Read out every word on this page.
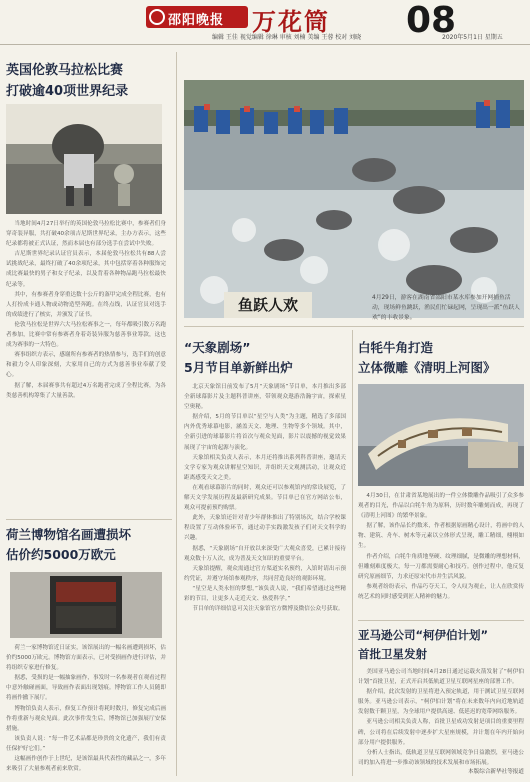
邵阳晚报 万花筒 08
编辑 王佳 视觉编辑 徐琳 审核 刘楠 美编 王蓉 校对 刘晓	2020年5月1日 星期五
英国伦敦马拉松比赛
打破逾40项世界纪录

当地时间4月27日举行的英国伦敦马拉松比赛中，参赛者们身穿奇装异服，共打破40余项吉尼斯世界纪录，主办方表示，这些纪录都将被正式认证，然而本届也有部分选手在尝试中失败。

吉尼斯世界纪录认证官员表示，本届伦敦马拉松共有88人尝试挑战纪录，最终打破了40余项纪录，其中包括穿着各种服饰完成比赛最快的男子和女子纪录，以及背着各种物品跑马拉松最快纪录等。

其中，有参赛者身穿重达数十公斤的盔甲完成全程比赛，也有人打扮成卡通人物或动物造型奔跑。在终点线，认证官员对选手的成绩进行了核实，并颁发了证书。

伦敦马拉松是世界六大马拉松赛事之一，每年都吸引数万名跑者参加，比赛中常有参赛者身着奇装异服为慈善事业筹款，这也成为赛事的一大特色。

赛事组织方表示，感谢所有参赛者的热情参与，选手们的创意和毅力令人印象深刻，大家用自己的方式为慈善事业奉献了爱心。

据了解，本届赛事共有超过4万名跑者完成了全程比赛，为各类慈善机构筹集了大量善款。

荷兰博物馆名画遭损坏
估价约5000万欧元

荷兰一家博物馆近日证实，该馆展出的一幅名画遭到损坏，估价约5000万欧元。博物馆方面表示，已对受损画作进行评估，并将组织专家进行修复。

据悉，受损的是一幅抽象画作，事发时一名参观者在观看过程中意外触碰画面，导致画作表面出现划痕。博物馆工作人员随即将画作撤下展厅。

博物馆负责人表示，修复工作预计将耗时数月，修复完成后画作将重新与观众见面。此次事件发生后，博物馆已加强展厅安保措施。

该负责人说：“每一件艺术品都是珍贵的文化遗产，我们有责任保护好它们。”

这幅画作创作于上世纪，是该馆最具代表性的藏品之一，多年来吸引了大量参观者前来欣赏。

鱼跃人欢	4月29日，游客在湖南省邵阳市某水库参加开网捕鱼活动，现场鲜鱼跳跃，渔民们忙碌起网，呈现出一派“鱼跃人欢”的丰收景象。
“天象剧场”
5月节目单新鲜出炉

北京天象馆日前发布了5月“天象剧场”节目单，本月推出多部全新球幕影片及主题科普讲座，带领观众遨游浩瀚宇宙，探索星空奥秘。

据介绍，5月的节目单以“星空与人类”为主题，精选了多部国内外优秀球幕电影，涵盖天文、地理、生物等多个领域。其中，全新引进的球幕影片将首次与观众见面，影片以震撼的视觉效果展现了宇宙的起源与演化。

天象馆相关负责人表示，本月还将推出系列科普讲座，邀请天文学专家为观众讲解星空知识，并组织天文观测活动，让观众近距离感受天文之美。

在观看球幕影片的同时，观众还可以参观馆内的常设展览，了解天文学发展历程及最新研究成果。节目单已在官方网站公布，观众可提前预约购票。

此外，天象馆还针对青少年群体推出了特别场次，结合学校课程设置了互动体验环节，通过动手实践激发孩子们对天文科学的兴趣。

据悉，“天象剧场”自开放以来深受广大观众喜爱，已累计接待观众数十万人次，成为普及天文知识的重要平台。

天象馆提醒，观众需通过官方渠道实名预约，入馆时请出示预约凭证，并遵守场馆参观秩序，共同营造良好的观影环境。

“星空是人类永恒的梦想，”该负责人说，“我们希望通过这些精彩的节目，让更多人走近天文、热爱科学。”

节目单的详细信息可关注天象馆官方微博及微信公众号获取。

白牦牛角打造
立体微雕《清明上河图》

4月30日，在甘肃省某地展出的一件立体微雕作品吸引了众多参观者的目光，作品以白牦牛角为原料，历时数年雕刻而成，再现了《清明上河图》的繁华景象。

据了解，该作品长约数米，作者根据原画精心设计，将画中的人物、建筑、舟车、树木等元素以立体形式呈现，雕工精细，栩栩如生。

作者介绍，白牦牛角质地坚硬、纹理细腻，是微雕的理想材料，但雕刻难度极大，每一刀都需要耐心和技巧。创作过程中，他反复研究原画细节，力求还原宋代市井生活风貌。

参观者纷纷表示，作品巧夺天工，令人叹为观止，让人在欣赏传统艺术的同时感受到匠人精神的魅力。

亚马逊公司“柯伊伯计划”
首批卫星发射

美国亚马逊公司当地时间4月28日通过运载火箭发射了“柯伊伯计划”首批卫星，正式开启其低轨道卫星互联网星座的部署工作。

据介绍，此次发射的卫星将进入预定轨道，用于测试卫星互联网服务。亚马逊公司表示，“柯伊伯计划”将在未来数年内向近地轨道发射数千颗卫星，为全球用户提供高速、低延迟的宽带网络服务。

亚马逊公司相关负责人称，首批卫星成功发射是项目的重要里程碑，公司将在后续发射中逐步扩大星座规模，并计划在年内开始向部分用户提供服务。

分析人士指出，低轨道卫星互联网领域竞争日益激烈，亚马逊公司的加入将进一步推动该领域的技术发展和市场拓展。

本版综合新华社等报道
